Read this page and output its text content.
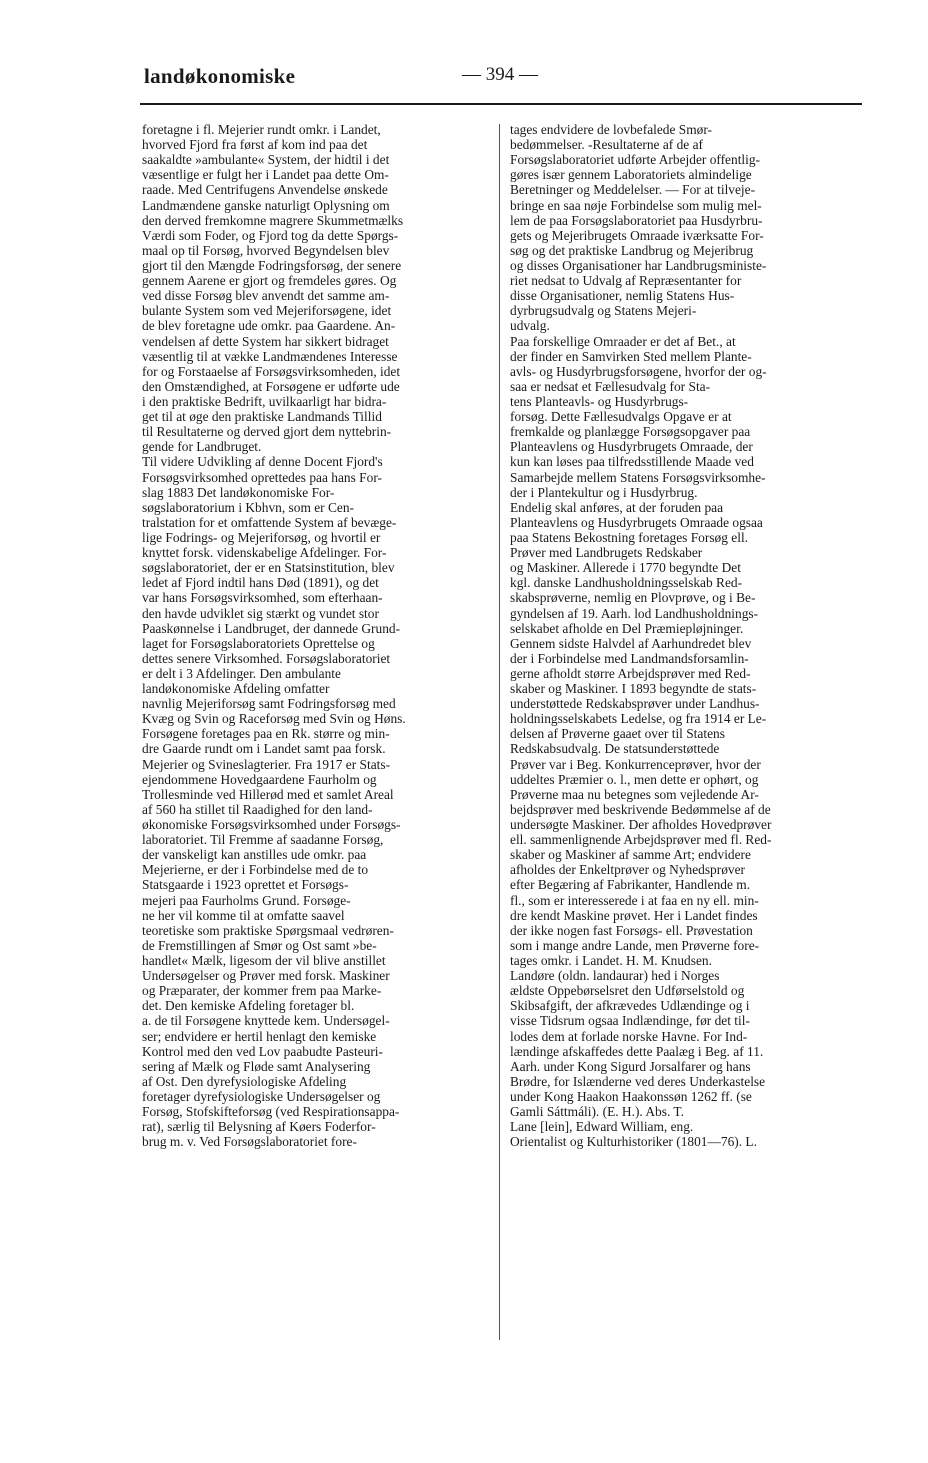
landøkonomiske	— 394 —
foretagne i fl. Mejerier rundt omkr. i Landet,
hvorved Fjord fra først af kom ind paa det
saakaldte »ambulante« System, der hidtil i det
væsentlige er fulgt her i Landet paa dette Om-
raade. Med Centrifugens Anvendelse ønskede
Landmændene ganske naturligt Oplysning om
den derved fremkomne magrere Skummetmælks
Værdi som Foder, og Fjord tog da dette Spørgs-
maal op til Forsøg, hvorved Begyndelsen blev
gjort til den Mængde Fodringsforsøg, der senere
gennem Aarene er gjort og fremdeles gøres. Og
ved disse Forsøg blev anvendt det samme am-
bulante System som ved Mejeriforsøgene, idet
de blev foretagne ude omkr. paa Gaardene. An-
vendelsen af dette System har sikkert bidraget
væsentlig til at vække Landmændenes Interesse
for og Forstaaelse af Forsøgsvirksomheden, idet
den Omstændighed, at Forsøgene er udførte ude
i den praktiske Bedrift, uvilkaarligt har bidra-
get til at øge den praktiske Landmands Tillid
til Resultaterne og derved gjort dem nyttebrin-
gende for Landbruget.
Til videre Udvikling af denne Docent Fjord's
Forsøgsvirksomhed oprettedes paa hans For-
slag 1883 Det landøkonomiske For-
søgslaboratorium i Kbhvn, som er Cen-
tralstation for et omfattende System af bevæge-
lige Fodrings- og Mejeriforsøg, og hvortil er
knyttet forsk. videnskabelige Afdelinger. For-
søgslaboratoriet, der er en Statsinstitution, blev
ledet af Fjord indtil hans Død (1891), og det
var hans Forsøgsvirksomhed, som efterhaan-
den havde udviklet sig stærkt og vundet stor
Paaskønnelse i Landbruget, der dannede Grund-
laget for Forsøgslaboratoriets Oprettelse og
dettes senere Virksomhed. Forsøgslaboratoriet
er delt i 3 Afdelinger. Den ambulante
landøkonomiske Afdeling omfatter
navnlig Mejeriforsøg samt Fodringsforsøg med
Kvæg og Svin og Raceforsøg med Svin og Høns.
Forsøgene foretages paa en Rk. større og min-
dre Gaarde rundt om i Landet samt paa forsk.
Mejerier og Svineslagterier. Fra 1917 er Stats-
ejendommene Hovedgaardene Faurholm og
Trollesminde ved Hillerød med et samlet Areal
af 560 ha stillet til Raadighed for den land-
økonomiske Forsøgsvirksomhed under Forsøgs-
laboratoriet. Til Fremme af saadanne Forsøg,
der vanskeligt kan anstilles ude omkr. paa
Mejerierne, er der i Forbindelse med de to
Statsgaarde i 1923 oprettet et Forsøgs-
mejeri paa Faurholms Grund. Forsøge-
ne her vil komme til at omfatte saavel
teoretiske som praktiske Spørgsmaal vedrøren-
de Fremstillingen af Smør og Ost samt »be-
handlet« Mælk, ligesom der vil blive anstillet
Undersøgelser og Prøver med forsk. Maskiner
og Præparater, der kommer frem paa Marke-
det. Den kemiske Afdeling foretager bl.
a. de til Forsøgene knyttede kem. Undersøgel-
ser; endvidere er hertil henlagt den kemiske
Kontrol med den ved Lov paabudte Pasteuri-
sering af Mælk og Fløde samt Analysering
af Ost. Den dyrefysiologiske Afdeling
foretager dyrefysiologiske Undersøgelser og
Forsøg, Stofskifteforsøg (ved Respirationsappa-
rat), særlig til Belysning af Køers Foderfor-
brug m. v. Ved Forsøgslaboratoriet fore-
tages endvidere de lovbefalede Smør-
bedømmelser. -Resultaterne af de af
Forsøgslaboratoriet udførte Arbejder offentlig-
gøres især gennem Laboratoriets almindelige
Beretninger og Meddelelser. — For at tilveje-
bringe en saa nøje Forbindelse som mulig mel-
lem de paa Forsøgslaboratoriet paa Husdyrbru-
gets og Mejeribrugets Omraade iværksatte For-
søg og det praktiske Landbrug og Mejeribrug
og disses Organisationer har Landbrugsministe-
riet nedsat to Udvalg af Repræsentanter for
disse Organisationer, nemlig Statens Hus-
dyrbrugsudvalg og Statens Mejeri-
udvalg.
Paa forskellige Omraader er det af Bet., at
der finder en Samvirken Sted mellem Plante-
avls- og Husdyrbrugsforsøgene, hvorfor der og-
saa er nedsat et Fællesudvalg for Sta-
tens Planteavls- og Husdyrbrugs-
forsøg. Dette Fællesudvalgs Opgave er at
fremkalde og planlægge Forsøgsopgaver paa
Planteavlens og Husdyrbrugets Omraade, der
kun kan løses paa tilfredsstillende Maade ved
Samarbejde mellem Statens Forsøgsvirksomhe-
der i Plantekultur og i Husdyrbrug.
Endelig skal anføres, at der foruden paa
Planteavlens og Husdyrbrugets Omraade ogsaa
paa Statens Bekostning foretages Forsøg ell.
Prøver med Landbrugets Redskaber
og Maskiner. Allerede i 1770 begyndte Det
kgl. danske Landhusholdningsselskab Red-
skabsprøverne, nemlig en Plovprøve, og i Be-
gyndelsen af 19. Aarh. lod Landhusholdnings-
selskabet afholde en Del Præmiepløjninger.
Gennem sidste Halvdel af Aarhundredet blev
der i Forbindelse med Landmandsforsamlin-
gerne afholdt større Arbejdsprøver med Red-
skaber og Maskiner. I 1893 begyndte de stats-
understøttede Redskabsprøver under Landhus-
holdningsselskabets Ledelse, og fra 1914 er Le-
delsen af Prøverne gaaet over til Statens
Redskabsudvalg. De statsunderstøttede
Prøver var i Beg. Konkurrenceprøver, hvor der
uddeltes Præmier o. l., men dette er ophørt, og
Prøverne maa nu betegnes som vejledende Ar-
bejdsprøver med beskrivende Bedømmelse af de
undersøgte Maskiner. Der afholdes Hovedprøver
ell. sammenlignende Arbejdsprøver med fl. Red-
skaber og Maskiner af samme Art; endvidere
afholdes der Enkeltprøver og Nyhedsprøver
efter Begæring af Fabrikanter, Handlende m.
fl., som er interesserede i at faa en ny ell. min-
dre kendt Maskine prøvet. Her i Landet findes
der ikke nogen fast Forsøgs- ell. Prøvestation
som i mange andre Lande, men Prøverne fore-
tages omkr. i Landet. H. M. Knudsen.
Landøre (oldn. landaurar) hed i Norges
ældste Oppebørselsret den Udførselstold og
Skibsafgift, der afkrævedes Udlændinge og i
visse Tidsrum ogsaa Indlændinge, før det til-
lodes dem at forlade norske Havne. For Ind-
lændinge afskaffedes dette Paalæg i Beg. af 11.
Aarh. under Kong Sigurd Jorsalfarer og hans
Brødre, for Islænderne ved deres Underkastelse
under Kong Haakon Haakonssøn 1262 ff. (se
Gamli Sáttmáli). (E. H.). Abs. T.
Lane [lein], Edward William, eng.
Orientalist og Kulturhistoriker (1801—76). L.
